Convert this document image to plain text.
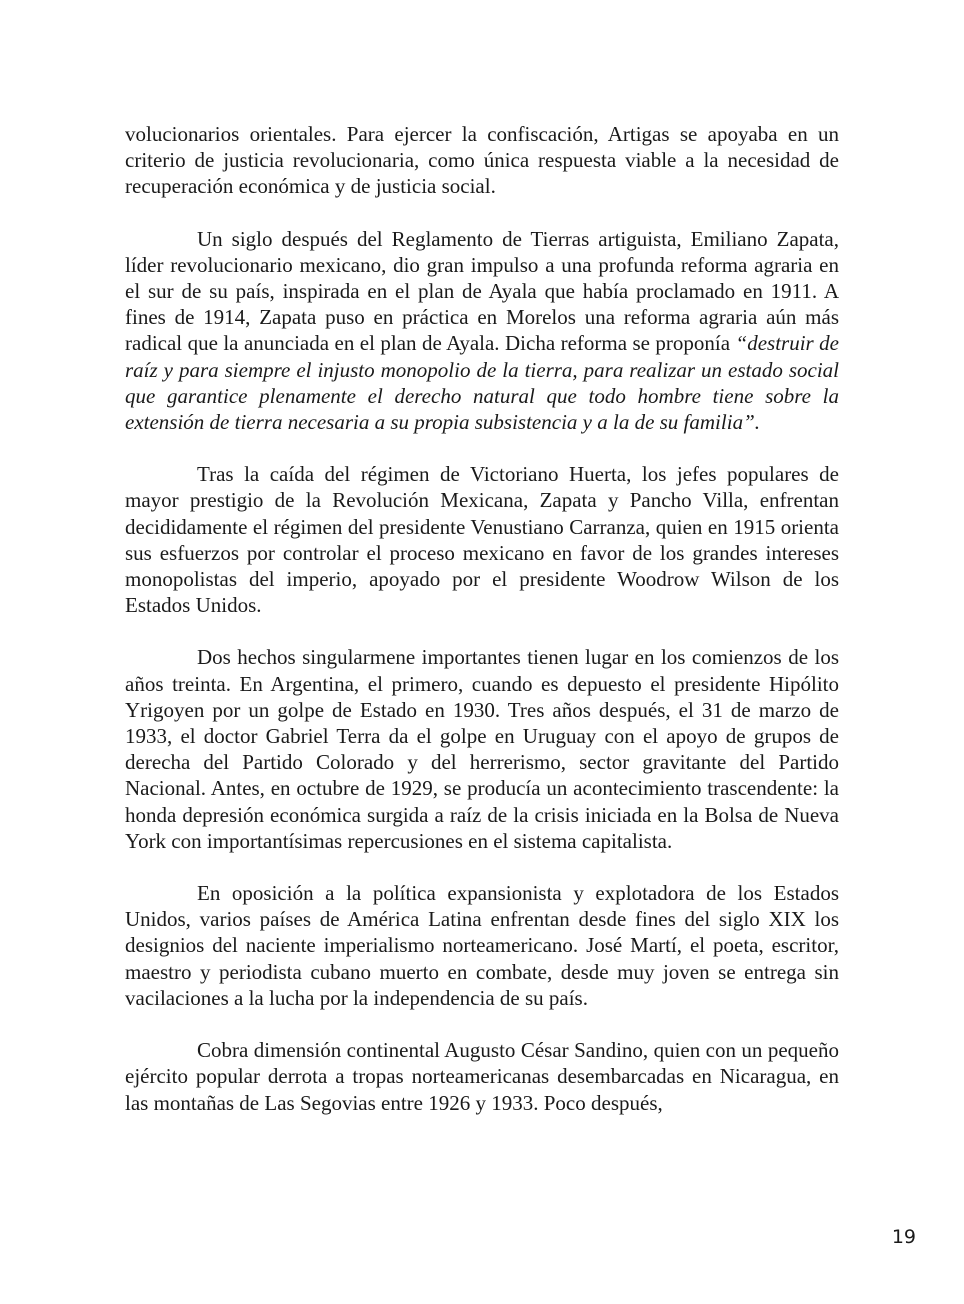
volucionarios orientales. Para ejercer la confiscación, Artigas se apoyaba en un criterio de justicia revolucionaria, como única respuesta viable a la necesidad de recuperación económica y de justicia social.

Un siglo después del Reglamento de Tierras artiguista, Emiliano Zapata, líder revolucionario mexicano, dio gran impulso a una profunda reforma agraria en el sur de su país, inspirada en el plan de Ayala que había proclamado en 1911. A fines de 1914, Zapata puso en práctica en Morelos una reforma agraria aún más radical que la anunciada en el plan de Ayala. Dicha reforma se proponía “destruir de raíz y para siempre el injusto monopolio de la tierra, para realizar un estado social que garantice plenamente el derecho natural que todo hombre tiene sobre la extensión de tierra necesaria a su propia subsistencia y a la de su familia”.

Tras la caída del régimen de Victoriano Huerta, los jefes populares de mayor prestigio de la Revolución Mexicana, Zapata y Pancho Villa, enfrentan decididamente el régimen del presidente Venustiano Carranza, quien en 1915 orienta sus esfuerzos por controlar el proceso mexicano en favor de los grandes intereses monopolistas del imperio, apoyado por el presidente Woodrow Wilson de los Estados Unidos.

Dos hechos singularmene importantes tienen lugar en los comienzos de los años treinta. En Argentina, el primero, cuando es depuesto el presidente Hipólito Yrigoyen por un golpe de Estado en 1930. Tres años después, el 31 de marzo de 1933, el doctor Gabriel Terra da el golpe en Uruguay con el apoyo de grupos de derecha del Partido Colorado y del herrerismo, sector gravitante del Partido Nacional. Antes, en octubre de 1929, se producía un acontecimiento trascendente: la honda depresión económica surgida a raíz de la crisis iniciada en la Bolsa de Nueva York con importantísimas repercusiones en el sistema capitalista.

En oposición a la política expansionista y explotadora de los Estados Unidos, varios países de América Latina enfrentan desde fines del siglo XIX los designios del naciente imperialismo norteamericano. José Martí, el poeta, escritor, maestro y periodista cubano muerto en combate, desde muy joven se entrega sin vacilaciones a la lucha por la independencia de su país.

Cobra dimensión continental Augusto César Sandino, quien con un pequeño ejército popular derrota a tropas norteamericanas desembarcadas en Nicaragua, en las montañas de Las Segovias entre 1926 y 1933. Poco después,

19
